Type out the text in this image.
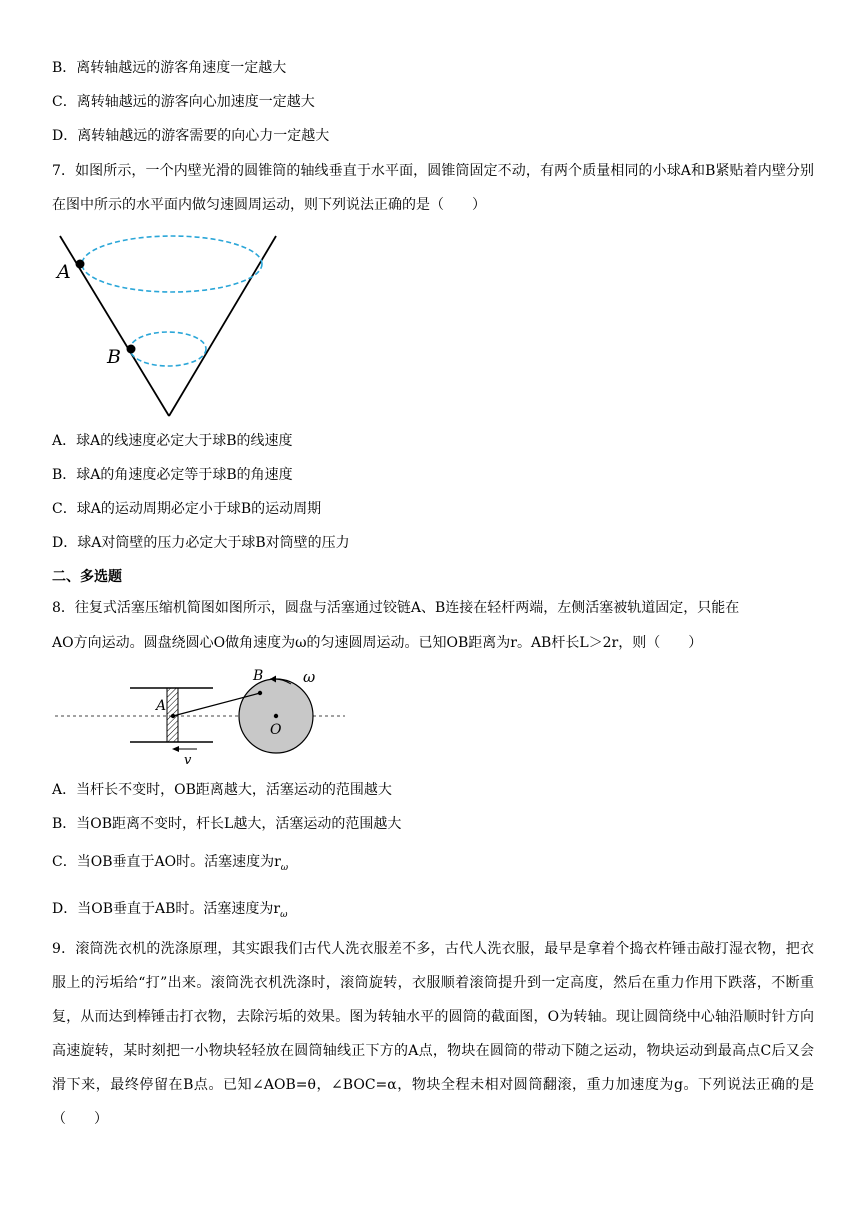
B．离转轴越远的游客角速度一定越大
C．离转轴越远的游客向心加速度一定越大
D．离转轴越远的游客需要的向心力一定越大
7．如图所示，一个内壁光滑的圆锥筒的轴线垂直于水平面，圆锥筒固定不动，有两个质量相同的小球A和B紧贴着内壁分别在图中所示的水平面内做匀速圆周运动，则下列说法正确的是（　　）
A
B
A．球A的线速度必定大于球B的线速度
B．球A的角速度必定等于球B的角速度
C．球A的运动周期必定小于球B的运动周期
D．球A对筒壁的压力必定大于球B对筒壁的压力
二、多选题
8．往复式活塞压缩机简图如图所示，圆盘与活塞通过铰链A、B连接在轻杆两端，左侧活塞被轨道固定，只能在
AO方向运动。圆盘绕圆心O做角速度为ω的匀速圆周运动。已知OB距离为r。AB杆长L＞2r，则（　　）
ω
B
A
O
v
A．当杆长不变时，OB距离越大，活塞运动的范围越大
B．当OB距离不变时，杆长L越大，活塞运动的范围越大
C．当OB垂直于AO时。活塞速度为$r_\omega$
D．当OB垂直于AB时。活塞速度为$r_\omega$
9．滚筒洗衣机的洗涤原理，其实跟我们古代人洗衣服差不多，古代人洗衣服，最早是拿着个捣衣杵锤击敲打湿衣物，把衣服上的污垢给“打”出来。滚筒洗衣机洗涤时，滚筒旋转，衣服顺着滚筒提升到一定高度，然后在重力作用下跌落，不断重复，从而达到棒锤击打衣物，去除污垢的效果。图为转轴水平的圆筒的截面图，O为转轴。现让圆筒绕中心轴沿顺时针方向高速旋转，某时刻把一小物块轻轻放在圆筒轴线正下方的A点，物块在圆筒的带动下随之运动，物块运动到最高点C后又会滑下来，最终停留在B点。已知∠AOB=θ，∠BOC=α，物块全程未相对圆筒翻滚，重力加速度为g。下列说法正确的是（　　）
